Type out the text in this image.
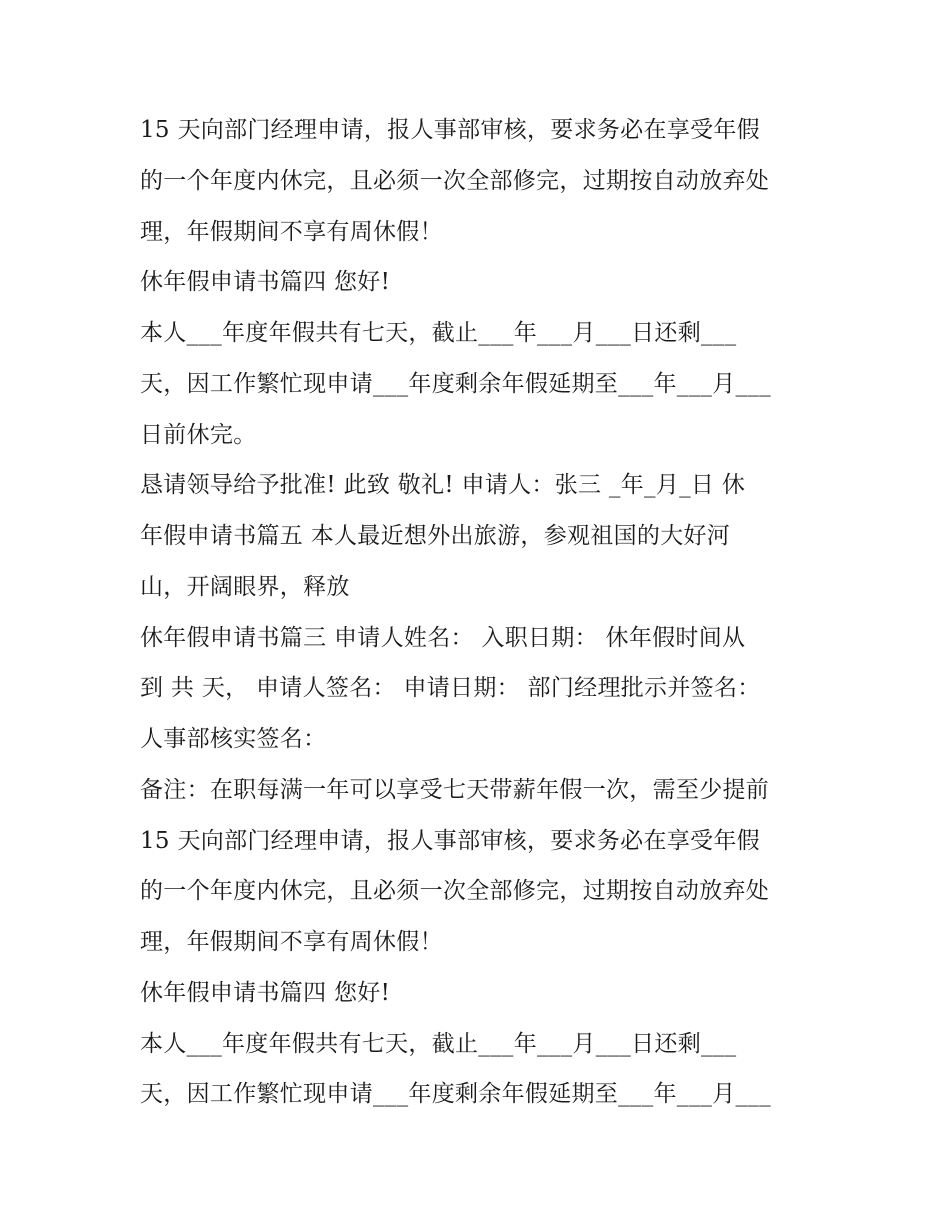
15 天向部门经理申请，报人事部审核，要求务必在享受年假
的一个年度内休完，且必须一次全部修完，过期按自动放弃处
理，年假期间不享有周休假！
休年假申请书篇四 您好!
本人___年度年假共有七天，截止___年___月___日还剩___
天，因工作繁忙现申请___年度剩余年假延期至___年___月___
日前休完。
恳请领导给予批准! 此致 敬礼! 申请人：张三 _年_月_日 休
年假申请书篇五 本人最近想外出旅游，参观祖国的大好河
山，开阔眼界，释放
休年假申请书篇三 申请人姓名： 入职日期： 休年假时间从
到 共 天， 申请人签名： 申请日期： 部门经理批示并签名：
人事部核实签名：
备注：在职每满一年可以享受七天带薪年假一次，需至少提前
15 天向部门经理申请，报人事部审核，要求务必在享受年假
的一个年度内休完，且必须一次全部修完，过期按自动放弃处
理，年假期间不享有周休假！
休年假申请书篇四 您好!
本人___年度年假共有七天，截止___年___月___日还剩___
天，因工作繁忙现申请___年度剩余年假延期至___年___月___
